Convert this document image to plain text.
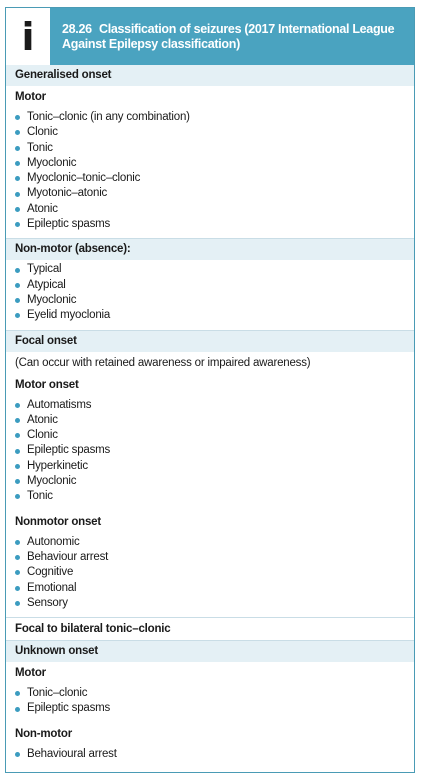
i	28.26 Classification of seizures (2017 International League Against Epilepsy classification)
Generalised onset
Motor
Tonic–clonic (in any combination)
Clonic
Tonic
Myoclonic
Myoclonic–tonic–clonic
Myotonic–atonic
Atonic
Epileptic spasms
Non-motor (absence):
Typical
Atypical
Myoclonic
Eyelid myoclonia
Focal onset
(Can occur with retained awareness or impaired awareness)
Motor onset
Automatisms
Atonic
Clonic
Epileptic spasms
Hyperkinetic
Myoclonic
Tonic
Nonmotor onset
Autonomic
Behaviour arrest
Cognitive
Emotional
Sensory
Focal to bilateral tonic–clonic
Unknown onset
Motor
Tonic–clonic
Epileptic spasms
Non-motor
Behavioural arrest
